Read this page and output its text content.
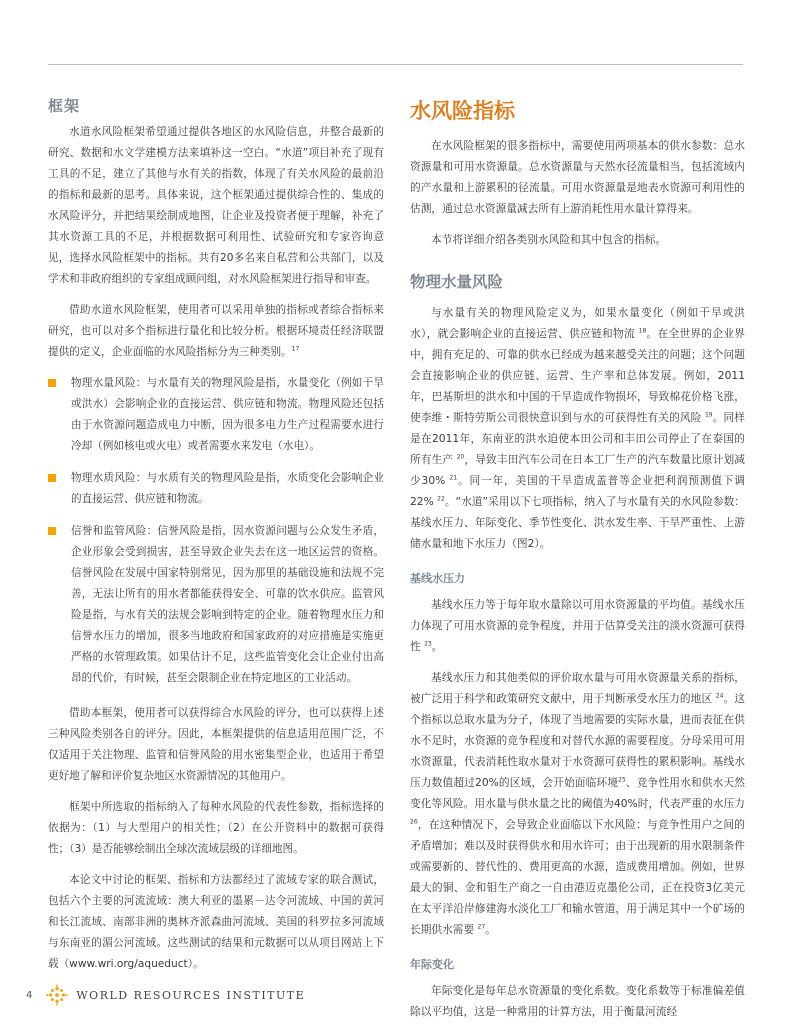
框架

水道水风险框架希望通过提供各地区的水风险信息，并整合最新的研究、数据和水文学建模方法来填补这一空白。“水道”项目补充了现有工具的不足，建立了其他与水有关的指数，体现了有关水风险的最前沿的指标和最新的思考。具体来说，这个框架通过提供综合性的、集成的水风险评分，并把结果绘制成地图，让企业及投资者便于理解，补充了其水资源工具的不足，并根据数据可利用性、试验研究和专家咨询意见，选择水风险框架中的指标。共有20多名来自私营和公共部门，以及学术和非政府组织的专家组成顾问组，对水风险框架进行指导和审查。

借助水道水风险框架，使用者可以采用单独的指标或者综合指标来研究，也可以对多个指标进行量化和比较分析。根据环境责任经济联盟提供的定义，企业面临的水风险指标分为三种类别。$^{17}$

物理水量风险：与水量有关的物理风险是指，水量变化（例如干旱或洪水）会影响企业的直接运营、供应链和物流。物理风险还包括由于水资源问题造成电力中断，因为很多电力生产过程需要水进行冷却（例如核电或火电）或者需要水来发电（水电）。
物理水质风险：与水质有关的物理风险是指，水质变化会影响企业的直接运营、供应链和物流。
信誉和监管风险：信誉风险是指，因水资源问题与公众发生矛盾，企业形象会受到损害，甚至导致企业失去在这一地区运营的资格。信誉风险在发展中国家特别常见，因为那里的基础设施和法规不完善，无法让所有的用水者都能获得安全、可靠的饮水供应。监管风险是指，与水有关的法规会影响到特定的企业。随着物理水压力和信誉水压力的增加，很多当地政府和国家政府的对应措施是实施更严格的水管理政策。如果估计不足，这些监管变化会让企业付出高昂的代价，有时候，甚至会限制企业在特定地区的工业活动。

借助本框架，使用者可以获得综合水风险的评分，也可以获得上述三种风险类别各自的评分。因此，本框架提供的信息适用范围广泛，不仅适用于关注物理、监管和信誉风险的用水密集型企业，也适用于希望更好地了解和评价复杂地区水资源情况的其他用户。

框架中所选取的指标纳入了每种水风险的代表性参数，指标选择的依据为：（1）与大型用户的相关性；（2）在公开资料中的数据可获得性；（3）是否能够绘制出全球次流域层级的详细地图。

本论文中讨论的框架、指标和方法都经过了流域专家的联合测试，包括六个主要的河流流域：澳大利亚的墨累－达令河流域、中国的黄河和长江流域、南部非洲的奥林齐派森曲河流域、美国的科罗拉多河流域与东南亚的湄公河流域。这些测试的结果和元数据可以从项目网站上下载（www.wri.org/aqueduct）。

水风险指标

在水风险框架的很多指标中，需要使用两项基本的供水参数：总水资源量和可用水资源量。总水资源量与天然水径流量相当，包括流域内的产水量和上游累积的径流量。可用水资源量是地表水资源可利用性的估测，通过总水资源量减去所有上游消耗性用水量计算得来。

本节将详细介绍各类别水风险和其中包含的指标。

物理水量风险

与水量有关的物理风险定义为，如果水量变化（例如干旱或洪水），就会影响企业的直接运营、供应链和物流 $^{18}$。在全世界的企业界中，拥有充足的、可靠的供水已经成为越来越受关注的问题；这个问题会直接影响企业的供应链、运营、生产率和总体发展。例如，2011年，巴基斯坦的洪水和中国的干旱造成作物损坏，导致棉花价格飞涨，使李维・斯特劳斯公司很快意识到与水的可获得性有关的风险 $^{19}$。同样是在2011年，东南亚的洪水迫使本田公司和丰田公司停止了在泰国的所有生产 $^{20}$，导致丰田汽车公司在日本工厂生产的汽车数量比原计划减少30% $^{21}$。同一年，美国的干旱造成盖普等企业把利润预测值下调22% $^{22}$。“水道”采用以下七项指标，纳入了与水量有关的水风险参数：基线水压力、年际变化、季节性变化、洪水发生率、干旱严重性、上游储水量和地下水压力（图2）。

基线水压力

基线水压力等于每年取水量除以可用水资源量的平均值。基线水压力体现了可用水资源的竞争程度，并用于估算受关注的淡水资源可获得性 $^{23}$。

基线水压力和其他类似的评价取水量与可用水资源量关系的指标，被广泛用于科学和政策研究文献中，用于判断承受水压力的地区 $^{24}$。这个指标以总取水量为分子，体现了当地需要的实际水量，进而表征在供水不足时，水资源的竞争程度和对替代水源的需要程度。分母采用可用水资源量，代表消耗性取水量对于水资源可获得性的累积影响。基线水压力数值超过20%的区域，会开始面临环境$^{25}$、竞争性用水和供水天然变化等风险。用水量与供水量之比的阈值为40%时，代表严重的水压力 $^{26}$，在这种情况下，会导致企业面临以下水风险：与竞争性用户之间的矛盾增加；难以及时获得供水和用水许可；由于出现新的用水限制条件或需要新的、替代性的、费用更高的水源，造成费用增加。例如，世界最大的铜、金和钼生产商之一自由港迈克墨伦公司，正在投资3亿美元在太平洋沿岸修建海水淡化工厂和输水管道，用于满足其中一个矿场的长期供水需要 $^{27}$。

年际变化

年际变化是每年总水资源量的变化系数。变化系数等于标准偏差值除以平均值，这是一种常用的计算方法，用于衡量河流经

4	WORLD RESOURCES INSTITUTE
